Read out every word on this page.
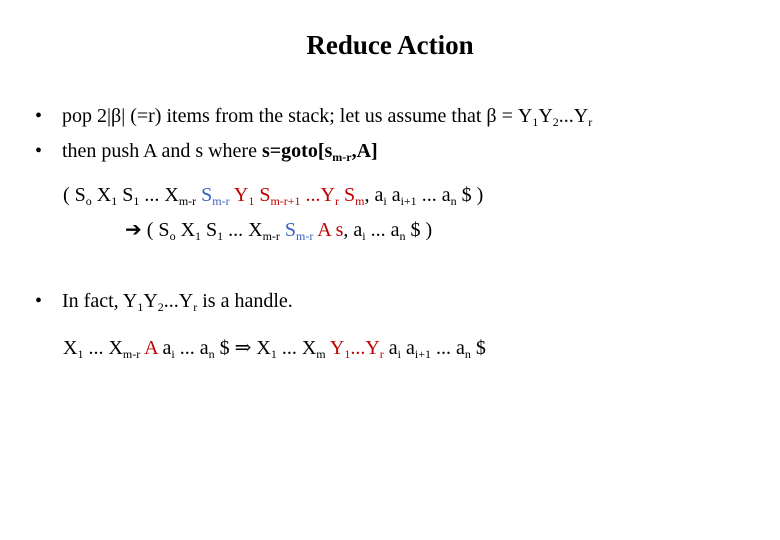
Reduce Action
• pop 2|β| (=r) items from the stack; let us assume that $\beta = Y_1Y_2...Y_r$
• then push A and s where $s=goto[s_{m-r},A]$
( $S_o$ $X_1$ $S_1$ ... $X_{m-r}$ $S_{m-r}$ $Y_1$ $S_{m-r+1}$ $...Y_r$ $S_m$, $a_i$ $a_{i+1}$ ... $a_n$ $ )
➔ ( $S_o$ $X_1$ $S_1$ ... $X_{m-r}$ $S_{m-r}$ A s, $a_i$ ... $a_n$ $ )
• In fact, $Y_1Y_2...Y_r$ is a handle.
$X_1$ ... $X_{m-r}$ A $a_i$ ... $a_n$ $ ⇒ $X_1$ ... $X_m$ $Y_1...Y_r$ $a_i$ $a_{i+1}$ ... $a_n$ $
